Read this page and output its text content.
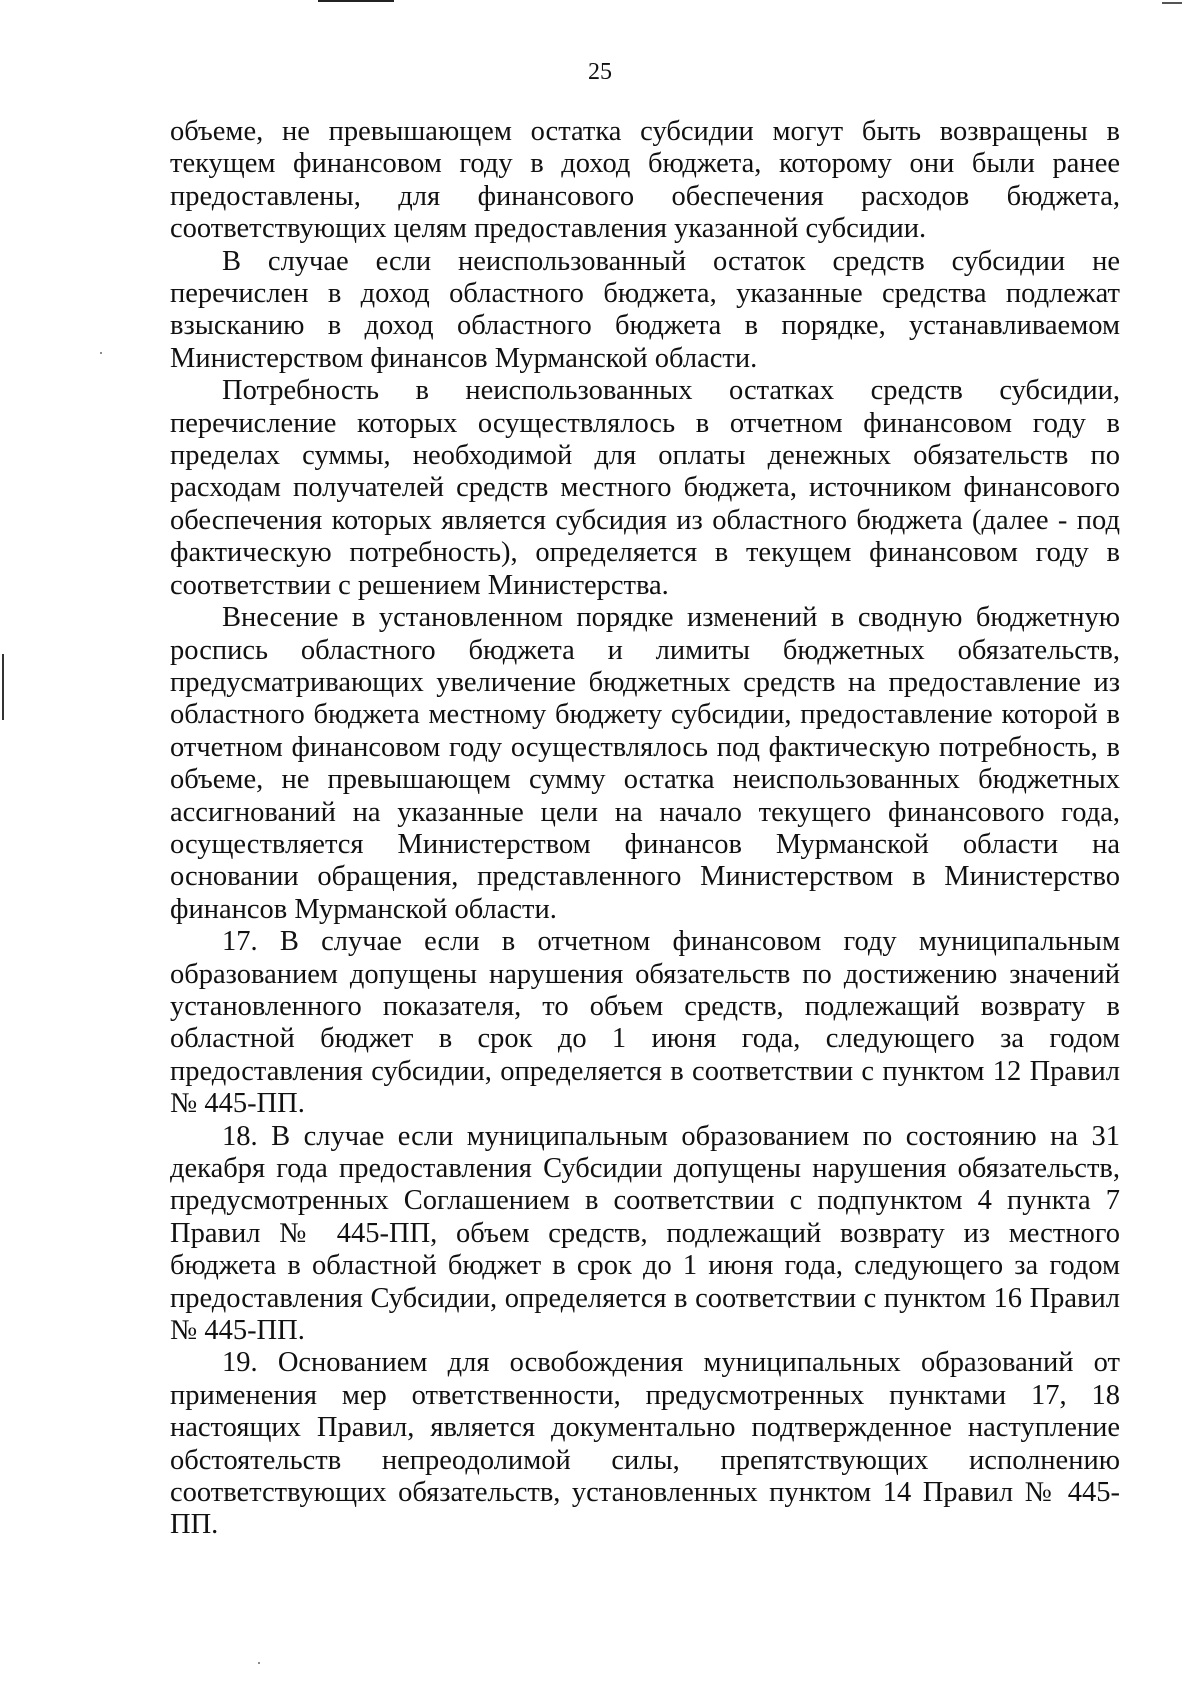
25

объеме, не превышающем остатка субсидии могут быть возвращены в текущем финансовом году в доход бюджета, которому они были ранее предоставлены, для финансового обеспечения расходов бюджета, соответствующих целям предоставления указанной субсидии.

В случае если неиспользованный остаток средств субсидии не перечислен в доход областного бюджета, указанные средства подлежат взысканию в доход областного бюджета в порядке, устанавливаемом Министерством финансов Мурманской области.

Потребность в неиспользованных остатках средств субсидии, перечисление которых осуществлялось в отчетном финансовом году в пределах суммы, необходимой для оплаты денежных обязательств по расходам получателей средств местного бюджета, источником финансового обеспечения которых является субсидия из областного бюджета (далее - под фактическую потребность), определяется в текущем финансовом году в соответствии с решением Министерства.

Внесение в установленном порядке изменений в сводную бюджетную роспись областного бюджета и лимиты бюджетных обязательств, предусматривающих увеличение бюджетных средств на предоставление из областного бюджета местному бюджету субсидии, предоставление которой в отчетном финансовом году осуществлялось под фактическую потребность, в объеме, не превышающем сумму остатка неиспользованных бюджетных ассигнований на указанные цели на начало текущего финансового года, осуществляется Министерством финансов Мурманской области на основании обращения, представленного Министерством в Министерство финансов Мурманской области.

17. В случае если в отчетном финансовом году муниципальным образованием допущены нарушения обязательств по достижению значений установленного показателя, то объем средств, подлежащий возврату в областной бюджет в срок до 1 июня года, следующего за годом предоставления субсидии, определяется в соответствии с пунктом 12 Правил № 445-ПП.

18. В случае если муниципальным образованием по состоянию на 31 декабря года предоставления Субсидии допущены нарушения обязательств, предусмотренных Соглашением в соответствии с подпунктом 4 пункта 7 Правил № 445-ПП, объем средств, подлежащий возврату из местного бюджета в областной бюджет в срок до 1 июня года, следующего за годом предоставления Субсидии, определяется в соответствии с пунктом 16 Правил № 445-ПП.

19. Основанием для освобождения муниципальных образований от применения мер ответственности, предусмотренных пунктами 17, 18 настоящих Правил, является документально подтвержденное наступление обстоятельств непреодолимой силы, препятствующих исполнению соответствующих обязательств, установленных пунктом 14 Правил № 445-ПП.
